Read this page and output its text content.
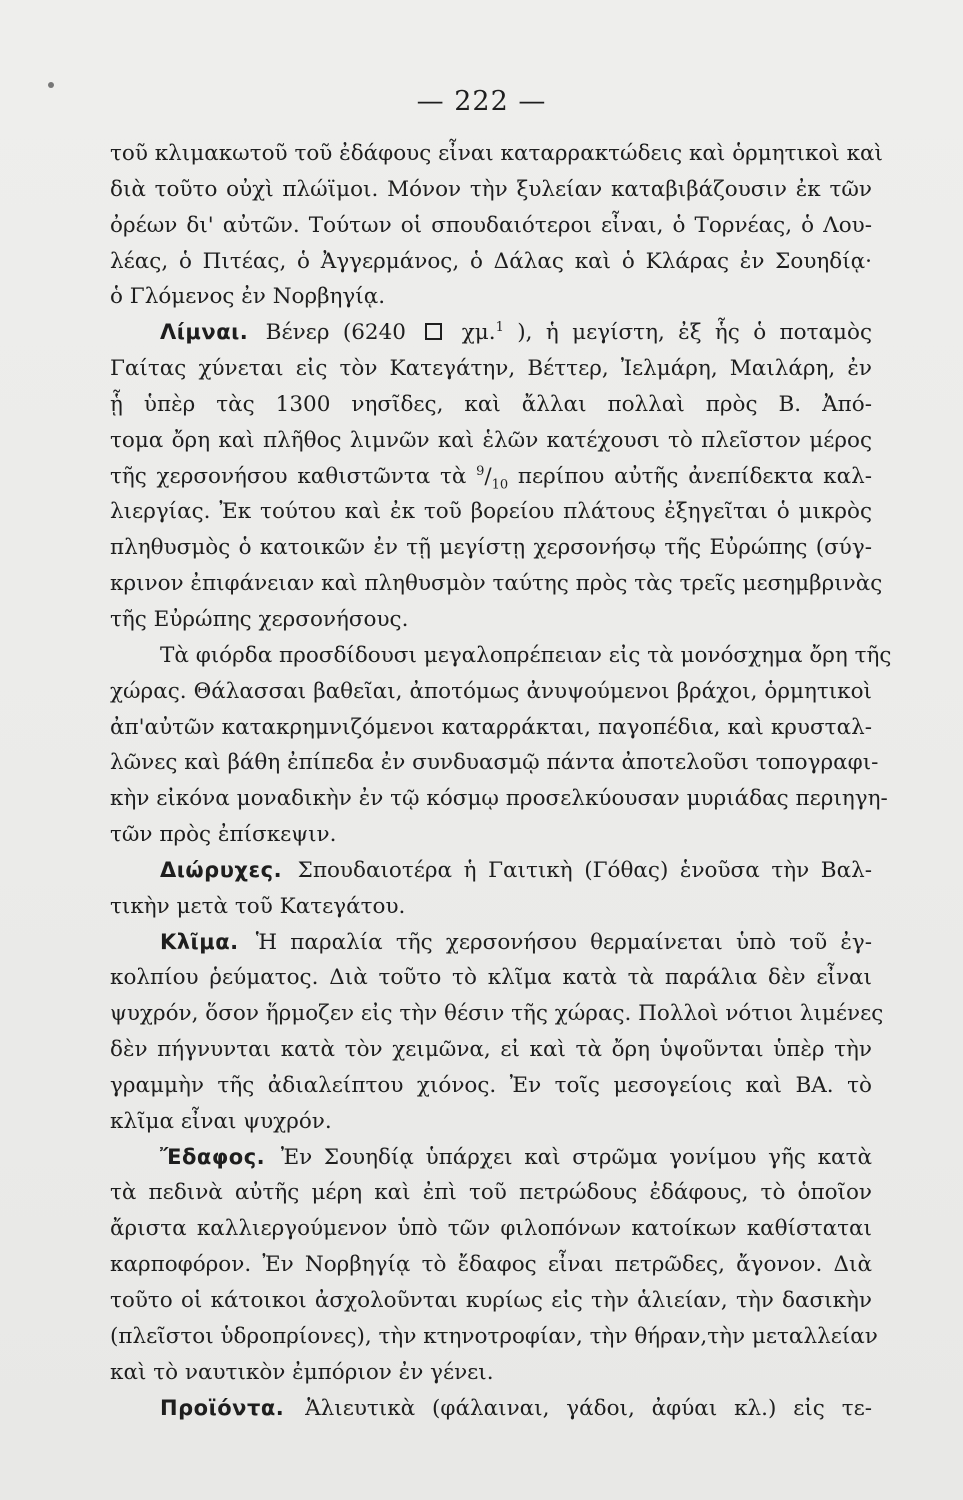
— 222 —
τοῦ κλιμακωτοῦ τοῦ ἐδάφους εἶναι καταρρακτώδεις καὶ ὁρμητικοὶ καὶ
διὰ τοῦτο οὐχὶ πλώϊμοι. Μόνον τὴν ξυλείαν καταβιβάζουσιν ἐκ τῶν
ὀρέων δι' αὐτῶν. Τούτων οἱ σπουδαιότεροι εἶναι, ὁ Τορνέας, ὁ Λου-
λέας, ὁ Πιτέας, ὁ Ἀγγερμάνος, ὁ Δάλας καὶ ὁ Κλάρας ἐν Σουηδίᾳ·
ὁ Γλόμενος ἐν Νορβηγίᾳ.
Λίμναι. Βένερ (6240	χμ.$^1$ ), ἡ μεγίστη, ἐξ ἧς ὁ ποταμὸς
Γαίτας χύνεται εἰς τὸν Κατεγάτην, Βέττερ, Ἰελμάρη, Μαιλάρη, ἐν
ᾗ ὑπὲρ τὰς 1300 νησῖδες, καὶ ἄλλαι πολλαὶ πρὸς Β. Ἀπό-
τομα ὄρη καὶ πλῆθος λιμνῶν καὶ ἑλῶν κατέχουσι τὸ πλεῖστον μέρος
τῆς χερσονήσου καθιστῶντα τὰ $^9/_{10}$ περίπου αὐτῆς ἀνεπίδεκτα καλ-
λιεργίας. Ἐκ τούτου καὶ ἐκ τοῦ βορείου πλάτους ἐξηγεῖται ὁ μικρὸς
πληθυσμὸς ὁ κατοικῶν ἐν τῇ μεγίστῃ χερσονήσῳ τῆς Εὐρώπης (σύγ-
κρινον ἐπιφάνειαν καὶ πληθυσμὸν ταύτης πρὸς τὰς τρεῖς μεσημβρινὰς
τῆς Εὐρώπης χερσονήσους.
Τὰ φιόρδα προσδίδουσι μεγαλοπρέπειαν εἰς τὰ μονόσχημα ὄρη τῆς
χώρας. Θάλασσαι βαθεῖαι, ἀποτόμως ἀνυψούμενοι βράχοι, ὁρμητικοὶ
ἀπ'αὐτῶν κατακρημνιζόμενοι καταρράκται, παγοπέδια, καὶ κρυσταλ-
λῶνες καὶ βάθη ἐπίπεδα ἐν συνδυασμῷ πάντα ἀποτελοῦσι τοπογραφι-
κὴν εἰκόνα μοναδικὴν ἐν τῷ κόσμῳ προσελκύουσαν μυριάδας περιηγη-
τῶν πρὸς ἐπίσκεψιν.
Διώρυχες. Σπουδαιοτέρα ἡ Γαιτικὴ (Γόθας) ἑνοῦσα τὴν Βαλ-
τικὴν μετὰ τοῦ Κατεγάτου.
Κλῖμα. Ἡ παραλία τῆς χερσονήσου θερμαίνεται ὑπὸ τοῦ ἐγ-
κολπίου ῥεύματος. Διὰ τοῦτο τὸ κλῖμα κατὰ τὰ παράλια δὲν εἶναι
ψυχρόν, ὅσον ἥρμοζεν εἰς τὴν θέσιν τῆς χώρας. Πολλοὶ νότιοι λιμένες
δὲν πήγνυνται κατὰ τὸν χειμῶνα, εἰ καὶ τὰ ὄρη ὑψοῦνται ὑπὲρ τὴν
γραμμὴν τῆς ἀδιαλείπτου χιόνος. Ἐν τοῖς μεσογείοις καὶ ΒΑ. τὸ
κλῖμα εἶναι ψυχρόν.
Ἔδαφος. Ἐν Σουηδίᾳ ὑπάρχει καὶ στρῶμα γονίμου γῆς κατὰ
τὰ πεδινὰ αὐτῆς μέρη καὶ ἐπὶ τοῦ πετρώδους ἐδάφους, τὸ ὁποῖον
ἄριστα καλλιεργούμενον ὑπὸ τῶν φιλοπόνων κατοίκων καθίσταται
καρποφόρον. Ἐν Νορβηγίᾳ τὸ ἔδαφος εἶναι πετρῶδες, ἄγονον. Διὰ
τοῦτο οἱ κάτοικοι ἀσχολοῦνται κυρίως εἰς τὴν ἁλιείαν, τὴν δασικὴν
(πλεῖστοι ὑδροπρίονες), τὴν κτηνοτροφίαν, τὴν θήραν,τὴν μεταλλείαν
καὶ τὸ ναυτικὸν ἐμπόριον ἐν γένει.
Προϊόντα. Ἁλιευτικὰ (φάλαιναι, γάδοι, ἀφύαι κλ.) εἰς τε-
